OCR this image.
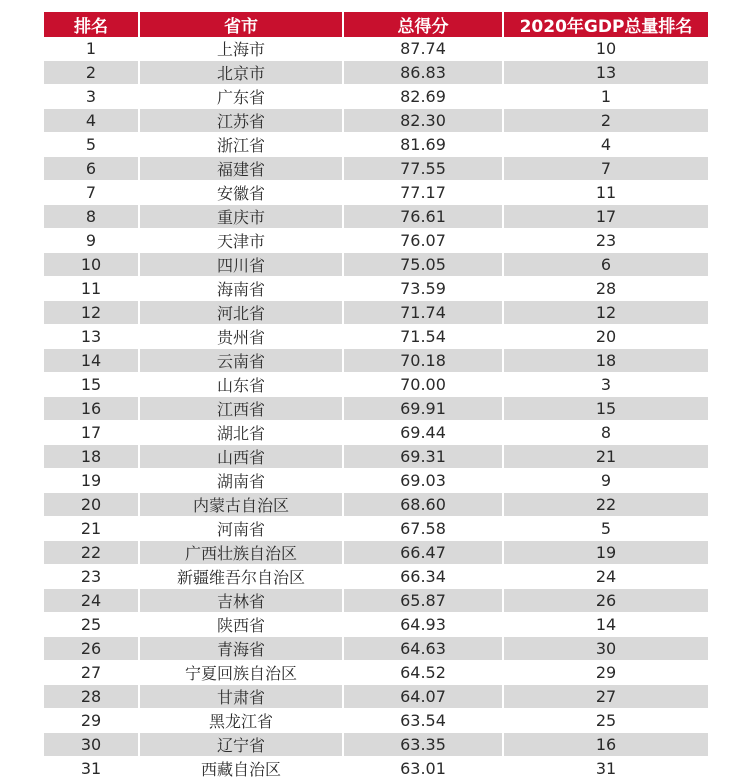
排名	省市	总得分	2020年GDP总量排名
1	上海市	87.74	10
2	北京市	86.83	13
3	广东省	82.69	1
4	江苏省	82.30	2
5	浙江省	81.69	4
6	福建省	77.55	7
7	安徽省	77.17	11
8	重庆市	76.61	17
9	天津市	76.07	23
10	四川省	75.05	6
11	海南省	73.59	28
12	河北省	71.74	12
13	贵州省	71.54	20
14	云南省	70.18	18
15	山东省	70.00	3
16	江西省	69.91	15
17	湖北省	69.44	8
18	山西省	69.31	21
19	湖南省	69.03	9
20	内蒙古自治区	68.60	22
21	河南省	67.58	5
22	广西壮族自治区	66.47	19
23	新疆维吾尔自治区	66.34	24
24	吉林省	65.87	26
25	陕西省	64.93	14
26	青海省	64.63	30
27	宁夏回族自治区	64.52	29
28	甘肃省	64.07	27
29	黑龙江省	63.54	25
30	辽宁省	63.35	16
31	西藏自治区	63.01	31
